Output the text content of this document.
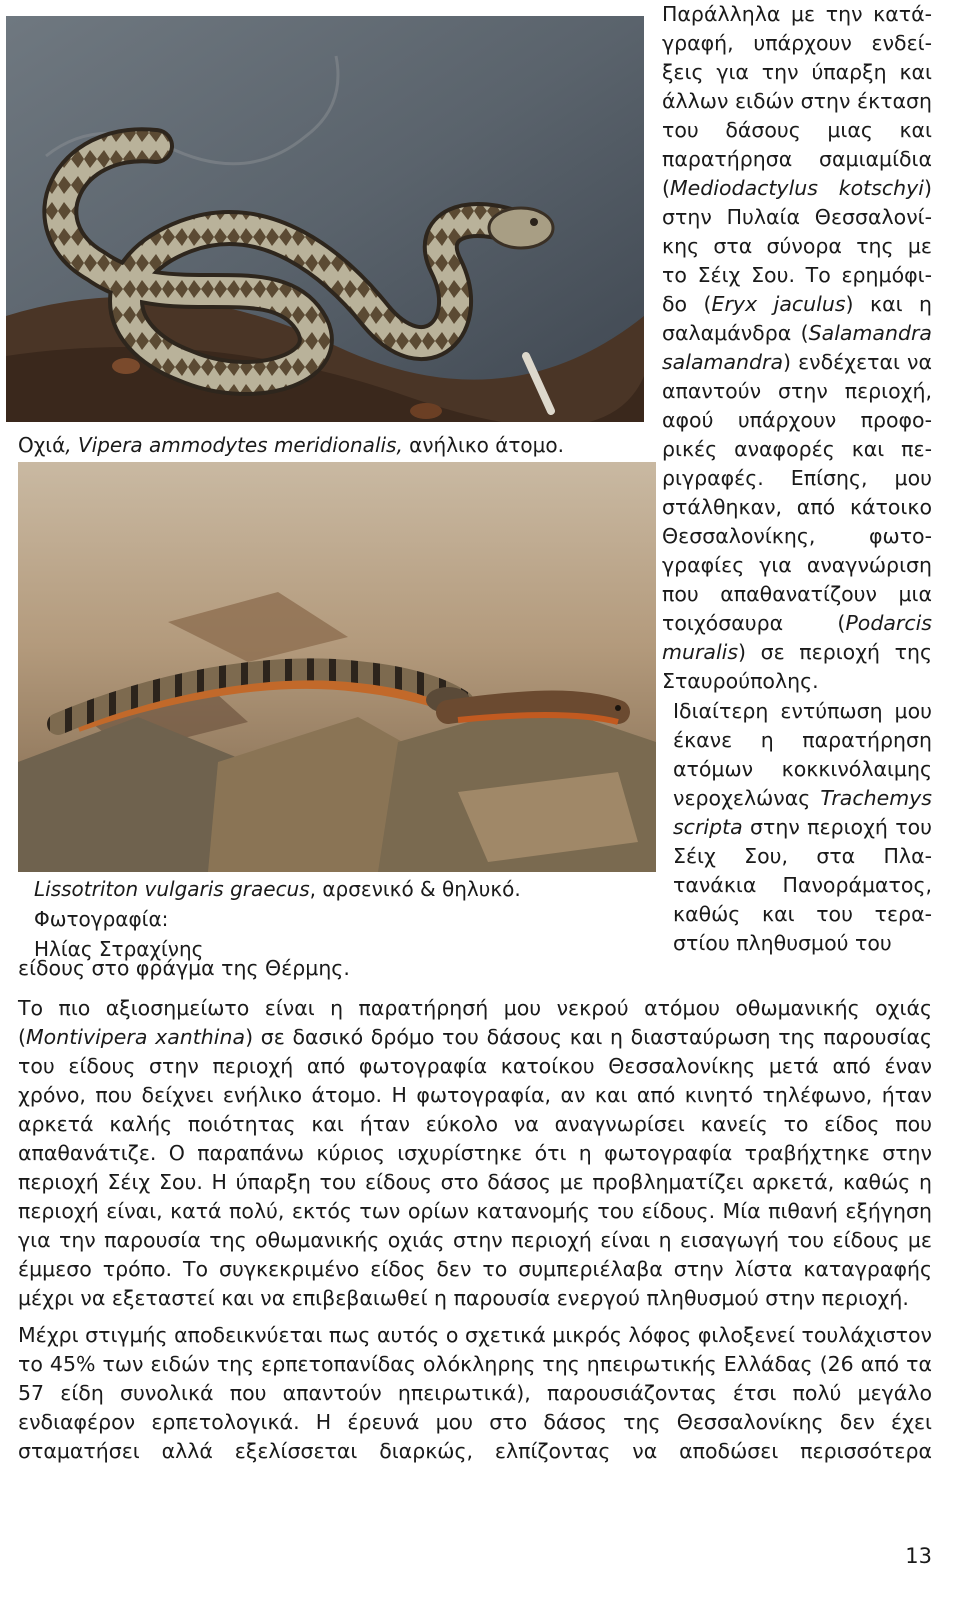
Οχιά, Vipera ammodytes meridionalis, ανήλικο άτομο.
Lissotriton vulgaris graecus, αρσενικό & θηλυκό. Φωτογραφία:
Ηλίας Στραχίνης

Παράλληλα με την κατάγραφή, υπάρχουν ενδείξεις για την ύπαρξη και άλλων ειδών στην έκταση του δάσους μιας και παρατήρησα σαμιαμίδια (Mediodactylus kotschyi) στην Πυλαία Θεσσαλονίκης στα σύνορα της με το Σέιχ Σου. Το ερημόφιδο (Eryx jaculus) και η σαλαμάνδρα (Salamandra salamandra) ενδέχεται να απαντούν στην περιοχή, αφού υπάρχουν προφορικές αναφορές και περιγραφές. Επίσης, μου στάλθηκαν, από κάτοικο Θεσσαλονίκης, φωτογραφίες για αναγνώριση που απαθανατίζουν μια τοιχόσαυρα (Podarcis muralis) σε περιοχή της Σταυρούπολης.

Ιδιαίτερη εντύπωση μου έκανε η παρατήρηση ατόμων κοκκινόλαιμης νεροχελώνας Trachemys scripta στην περιοχή του Σέιχ Σου, στα Πλατανάκια Πανοράματος, καθώς και του τεραστίου πληθυσμού του

είδους στο φράγμα της Θέρμης.

Το πιο αξιοσημείωτο είναι η παρατήρησή μου νεκρού ατόμου οθωμανικής οχιάς (Montivipera xanthina) σε δασικό δρόμο του δάσους και η διασταύρωση της παρουσίας του είδους στην περιοχή από φωτογραφία κατοίκου Θεσσαλονίκης μετά από έναν χρόνο, που δείχνει ενήλικο άτομο. Η φωτογραφία, αν και από κινητό τηλέφωνο, ήταν αρκετά καλής ποιότητας και ήταν εύκολο να αναγνωρίσει κανείς το είδος που απαθανάτιζε. Ο παραπάνω κύριος ισχυρίστηκε ότι η φωτογραφία τραβήχτηκε στην περιοχή Σέιχ Σου. Η ύπαρξη του είδους στο δάσος με προβληματίζει αρκετά, καθώς η περιοχή είναι, κατά πολύ, εκτός των ορίων κατανομής του είδους. Μία πιθανή εξήγηση για την παρουσία της οθωμανικής οχιάς στην περιοχή είναι η εισαγωγή του είδους με έμμεσο τρόπο. Το συγκεκριμένο είδος δεν το συμπεριέλαβα στην λίστα καταγραφής μέχρι να εξεταστεί και να επιβεβαιωθεί η παρουσία ενεργού πληθυσμού στην περιοχή.

Μέχρι στιγμής αποδεικνύεται πως αυτός ο σχετικά μικρός λόφος φιλοξενεί τουλάχιστον το 45% των ειδών της ερπετοπανίδας ολόκληρης της ηπειρωτικής Ελλάδας (26 από τα 57 είδη συνολικά που απαντούν ηπειρωτικά), παρουσιάζοντας έτσι πολύ μεγάλο ενδιαφέρον ερπετολογικά. Η έρευνά μου στο δάσος της Θεσσαλονίκης δεν έχει σταματήσει αλλά εξελίσσεται διαρκώς, ελπίζοντας να αποδώσει περισσότερα

13
